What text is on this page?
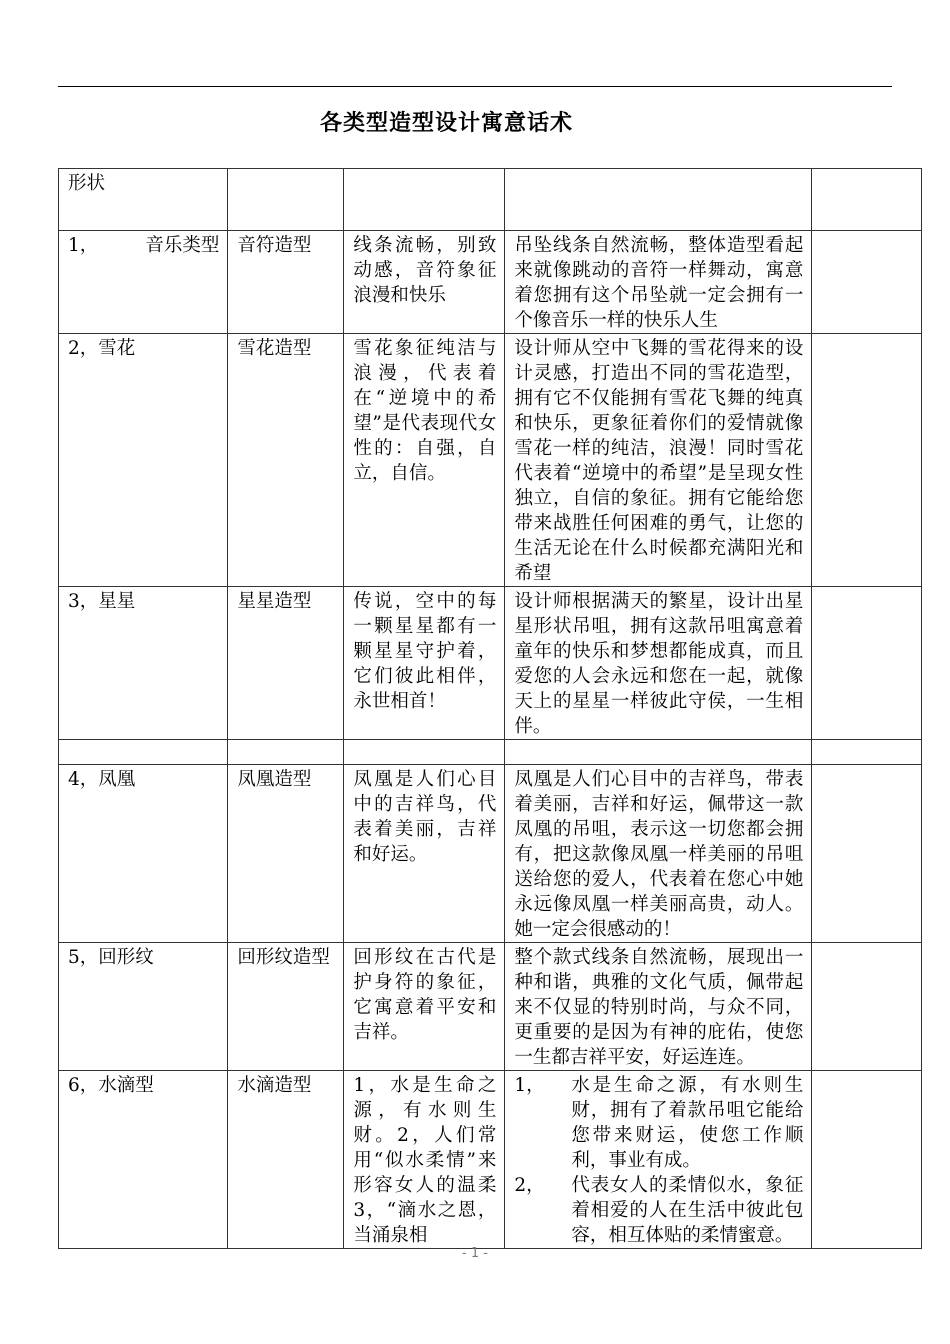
各类型造型设计寓意话术
形状				
1，        音乐类型	音符造型	线条流畅，别致动感，音符象征浪漫和快乐	吊坠线条自然流畅，整体造型看起来就像跳动的音符一样舞动，寓意着您拥有这个吊坠就一定会拥有一个像音乐一样的快乐人生	
2，雪花	雪花造型	雪花象征纯洁与浪漫，代表着在“逆境中的希望”是代表现代女性的：自强，自立，自信。	设计师从空中飞舞的雪花得来的设计灵感，打造出不同的雪花造型，拥有它不仅能拥有雪花飞舞的纯真和快乐，更象征着你们的爱情就像雪花一样的纯洁，浪漫！同时雪花代表着“逆境中的希望”是呈现女性独立，自信的象征。拥有它能给您带来战胜任何困难的勇气，让您的生活无论在什么时候都充满阳光和希望	
3，星星	星星造型	传说，空中的每一颗星星都有一颗星星守护着，它们彼此相伴，永世相首！	设计师根据满天的繁星，设计出星星形状吊咀，拥有这款吊咀寓意着童年的快乐和梦想都能成真，而且爱您的人会永远和您在一起，就像天上的星星一样彼此守侯，一生相伴。	

4，凤凰	凤凰造型	凤凰是人们心目中的吉祥鸟，代表着美丽，吉祥和好运。	凤凰是人们心目中的吉祥鸟，带表着美丽，吉祥和好运，佩带这一款凤凰的吊咀，表示这一切您都会拥有，把这款像凤凰一样美丽的吊咀送给您的爱人，代表着在您心中她永远像凤凰一样美丽高贵，动人。她一定会很感动的！	
5，回形纹	回形纹造型	回形纹在古代是护身符的象征，它寓意着平安和吉祥。	整个款式线条自然流畅，展现出一种和谐，典雅的文化气质，佩带起来不仅显的特别时尚，与众不同，更重要的是因为有神的庇佑，使您一生都吉祥平安，好运连连。	
6，水滴型	水滴造型	1，水是生命之源，有水则生财。2，人们常用“似水柔情”来形容女人的温柔3，“滴水之恩，当涌泉相	1， 水是生命之源，有水则生财，拥有了着款吊咀它能给您带来财运，使您工作顺利，事业有成。
2， 代表女人的柔情似水，象征着相爱的人在生活中彼此包容，相互体贴的柔情蜜意。	

- 1 -
